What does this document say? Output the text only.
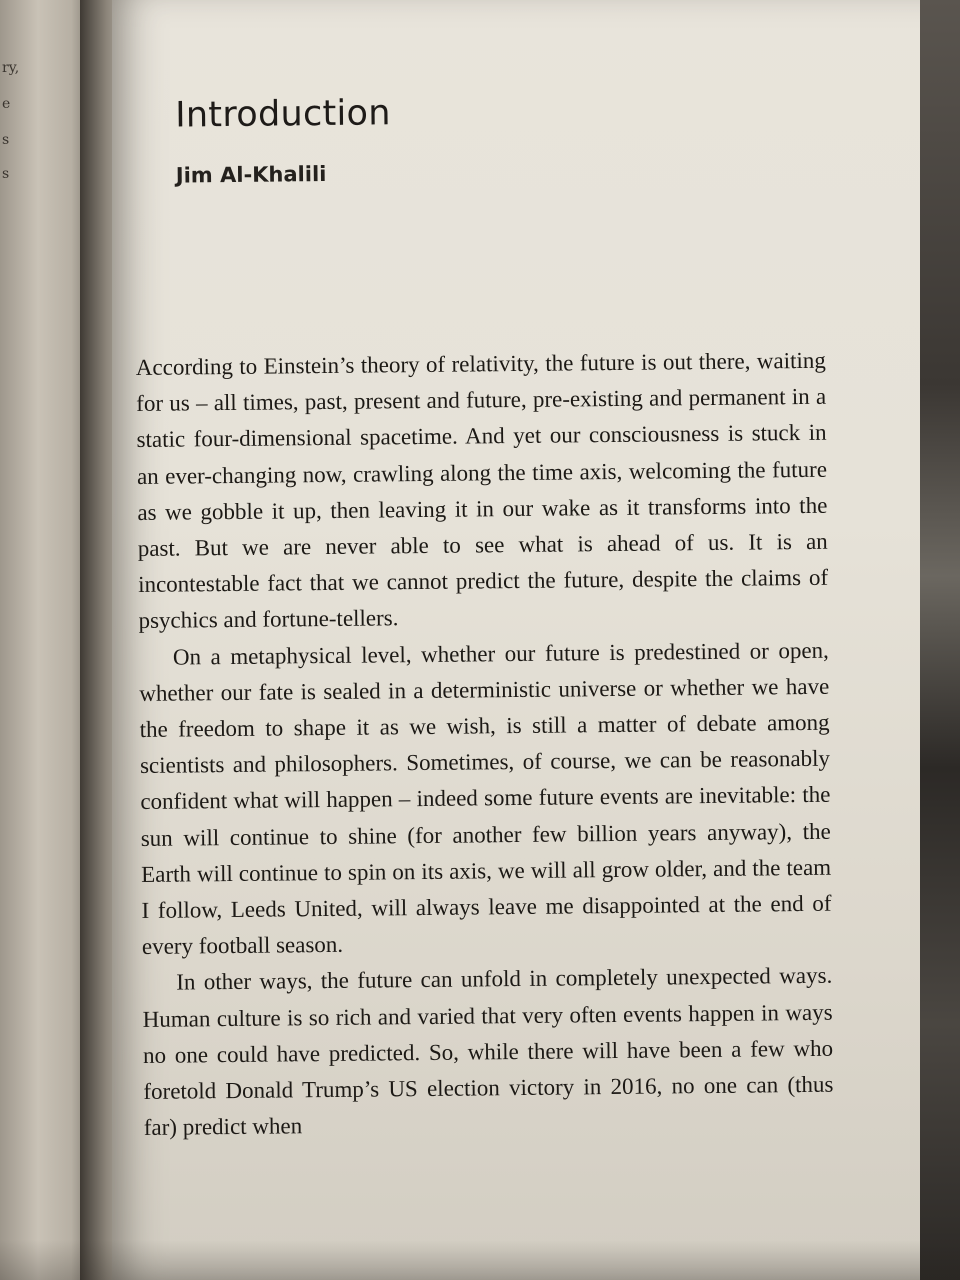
ry,
e
s
s
Introduction
Jim Al-Khalili

According to Einstein’s theory of relativity, the future is out there, waiting for us – all times, past, present and future, pre-existing and permanent in a static four-dimensional spacetime. And yet our consciousness is stuck in an ever-changing now, crawling along the time axis, welcoming the future as we gobble it up, then leaving it in our wake as it transforms into the past. But we are never able to see what is ahead of us. It is an incontestable fact that we cannot predict the future, despite the claims of psychics and fortune-tellers.

On a metaphysical level, whether our future is predestined or open, whether our fate is sealed in a deterministic universe or whether we have the freedom to shape it as we wish, is still a matter of debate among scientists and philosophers. Sometimes, of course, we can be reasonably confident what will happen – indeed some future events are inevitable: the sun will continue to shine (for another few billion years anyway), the Earth will continue to spin on its axis, we will all grow older, and the team I follow, Leeds United, will always leave me disappointed at the end of every football season.

In other ways, the future can unfold in completely unexpected ways. Human culture is so rich and varied that very often events happen in ways no one could have predicted. So, while there will have been a few who foretold Donald Trump’s US election victory in 2016, no one can (thus far) predict when
